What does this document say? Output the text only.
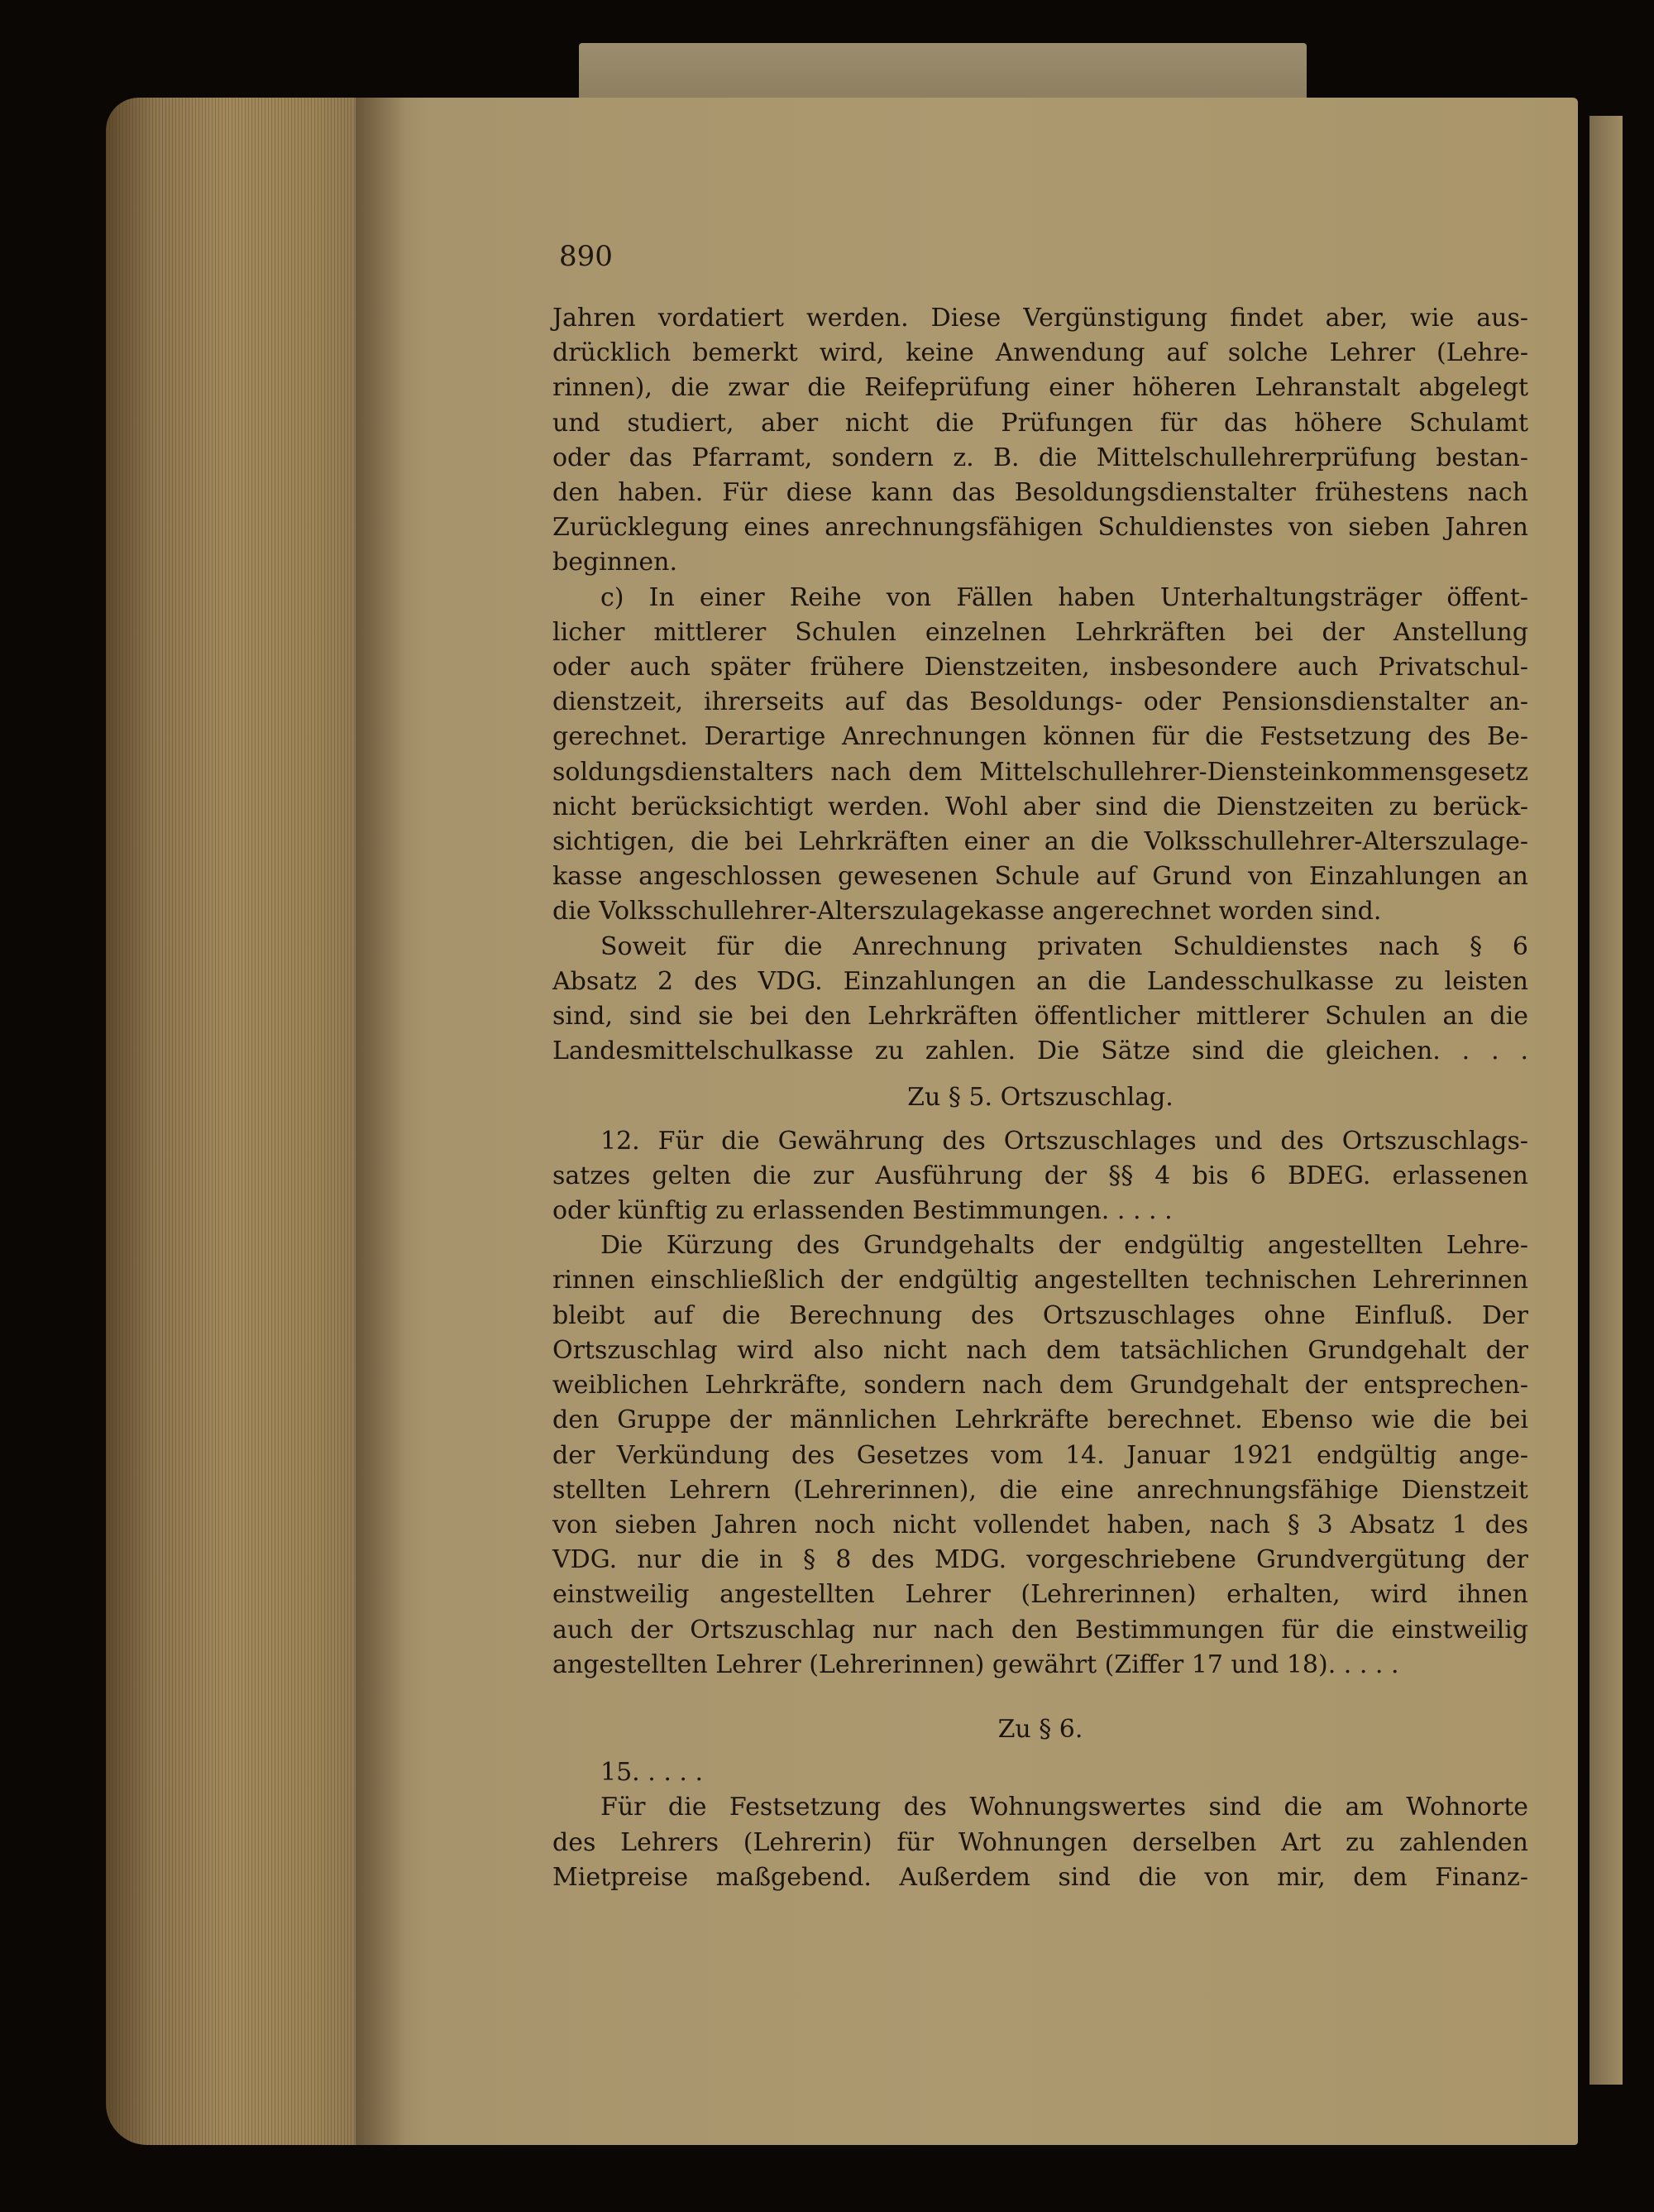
890
Jahren vordatiert werden. Diese Vergünstigung findet aber, wie aus-
drücklich bemerkt wird, keine Anwendung auf solche Lehrer (Lehre-
rinnen), die zwar die Reifeprüfung einer höheren Lehranstalt abgelegt
und studiert, aber nicht die Prüfungen für das höhere Schulamt
oder das Pfarramt, sondern z. B. die Mittelschullehrerprüfung bestan-
den haben. Für diese kann das Besoldungsdienstalter frühestens nach
Zurücklegung eines anrechnungsfähigen Schuldienstes von sieben Jahren
beginnen.
c) In einer Reihe von Fällen haben Unterhaltungsträger öffent-
licher mittlerer Schulen einzelnen Lehrkräften bei der Anstellung
oder auch später frühere Dienstzeiten, insbesondere auch Privatschul-
dienstzeit, ihrerseits auf das Besoldungs- oder Pensionsdienstalter an-
gerechnet. Derartige Anrechnungen können für die Festsetzung des Be-
soldungsdienstalters nach dem Mittelschullehrer-Diensteinkommensgesetz
nicht berücksichtigt werden. Wohl aber sind die Dienstzeiten zu berück-
sichtigen, die bei Lehrkräften einer an die Volksschullehrer-Alterszulage-
kasse angeschlossen gewesenen Schule auf Grund von Einzahlungen an
die Volksschullehrer-Alterszulagekasse angerechnet worden sind.
Soweit für die Anrechnung privaten Schuldienstes nach § 6
Absatz 2 des VDG. Einzahlungen an die Landesschulkasse zu leisten
sind, sind sie bei den Lehrkräften öffentlicher mittlerer Schulen an die
Landesmittelschulkasse zu zahlen. Die Sätze sind die gleichen. . . .
Zu § 5. Ortszuschlag.
12. Für die Gewährung des Ortszuschlages und des Ortszuschlags-
satzes gelten die zur Ausführung der §§ 4 bis 6 BDEG. erlassenen
oder künftig zu erlassenden Bestimmungen. . . . .
Die Kürzung des Grundgehalts der endgültig angestellten Lehre-
rinnen einschließlich der endgültig angestellten technischen Lehrerinnen
bleibt auf die Berechnung des Ortszuschlages ohne Einfluß. Der
Ortszuschlag wird also nicht nach dem tatsächlichen Grundgehalt der
weiblichen Lehrkräfte, sondern nach dem Grundgehalt der entsprechen-
den Gruppe der männlichen Lehrkräfte berechnet. Ebenso wie die bei
der Verkündung des Gesetzes vom 14. Januar 1921 endgültig ange-
stellten Lehrern (Lehrerinnen), die eine anrechnungsfähige Dienstzeit
von sieben Jahren noch nicht vollendet haben, nach § 3 Absatz 1 des
VDG. nur die in § 8 des MDG. vorgeschriebene Grundvergütung der
einstweilig angestellten Lehrer (Lehrerinnen) erhalten, wird ihnen
auch der Ortszuschlag nur nach den Bestimmungen für die einstweilig
angestellten Lehrer (Lehrerinnen) gewährt (Ziffer 17 und 18). . . . .
Zu § 6.
15. . . . .
Für die Festsetzung des Wohnungswertes sind die am Wohnorte
des Lehrers (Lehrerin) für Wohnungen derselben Art zu zahlenden
Mietpreise maßgebend. Außerdem sind die von mir, dem Finanz-
